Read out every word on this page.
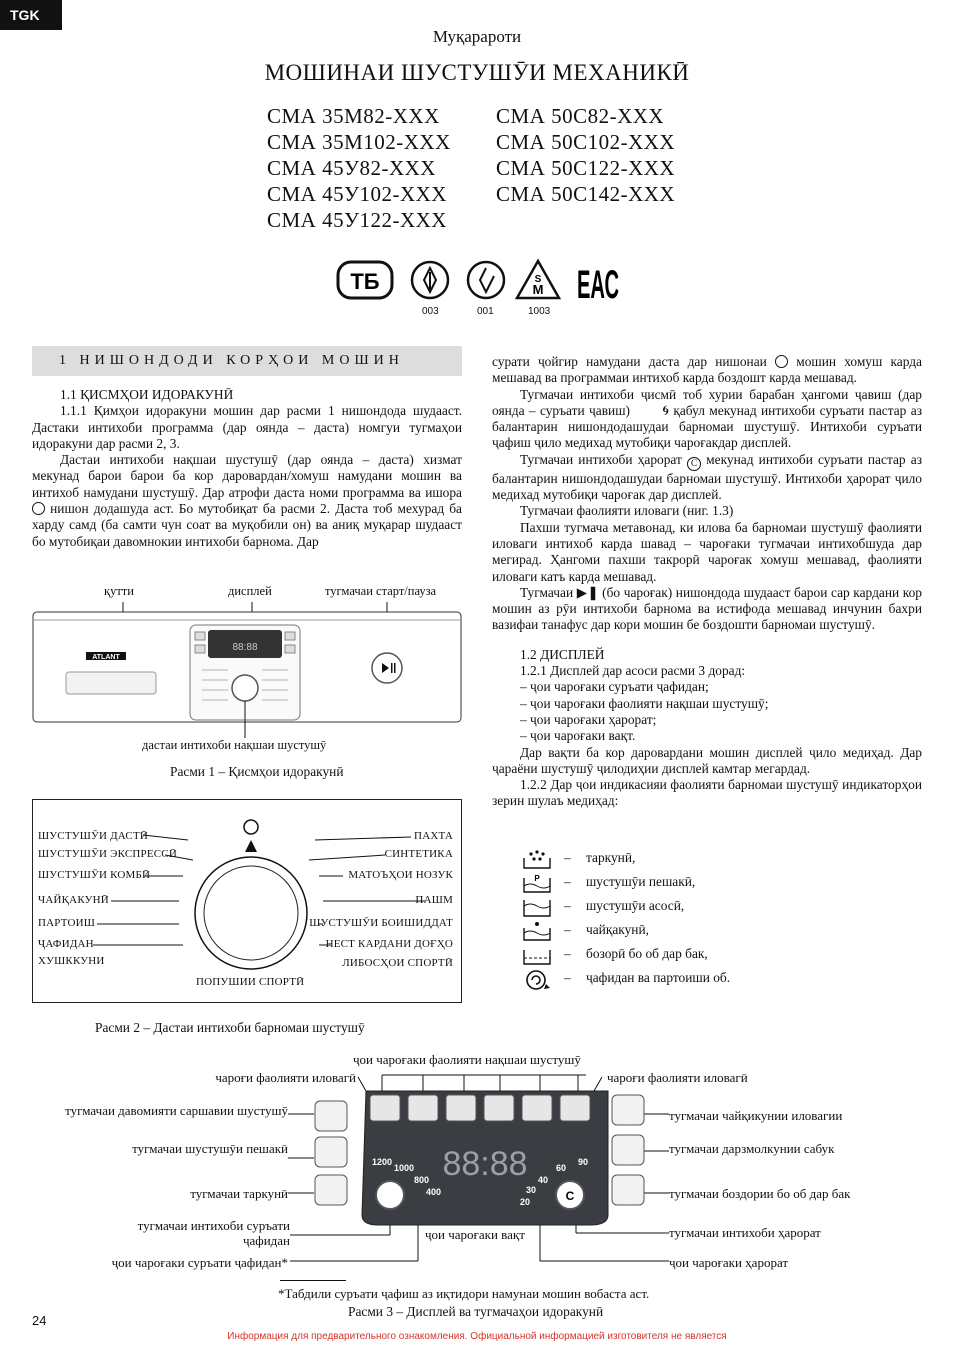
TGK
Муқарароти
МОШИНАИ ШУСТУШӮИ МЕХАНИКӢ
СМА 35М82-ХХХ
СМА 35М102-ХХХ
СМА 45У82-ХХХ
СМА 45У102-ХХХ
СМА 45У122-ХХХ
СМА 50С82-ХХХ
СМА 50С102-ХХХ
СМА 50С122-ХХХ
СМА 50С142-ХХХ
ТБ	M
S ЕАС
003	001	1003
1 НИШОНДОДИ КОРҲОИ МОШИН

1.1 ҚИСМҲОИ ИДОРАКУНӢ

1.1.1 Қимҳои идоракуни мошин дар расми 1 нишондода шудааст. Дастаки интихоби программа (дар оянда – даста) номгуи тугмаҳои идоракуни дар расми 2, 3.

Дастаи интихоби нақшаи шустушӯ (дар оянда – даста) хизмат мекунад барои барои ба кор даровардан/хомуш намудани мошин ва интихоб намудани шустушӯ. Дар атрофи даста номи программа ва ишора  нишон додашуда аст. Бо мутобиқат ба расми 2. Даста тоб мехурад ба харду самд (ба самти чун соат ва муқобили он) ва аниқ муқарар шудааст бо мутобиқаи давомнокии интихоби барнома. Дар

қутти	дисплей	тугмачаи старт/пауза
ATLANT
88:88
дастаи интихоби нақшаи шустушӯ
Расми 1 – Қисмҳои идоракунӣ
ШУСТУШӮИ ДАСТӢ
ШУСТУШӮИ ЭКСПРЕССӢ
ШУСТУШӮИ КОМБӢ
ЧАЙҚАКУНӢ
ПАРТОИШ
ҶАФИДАН
ХУШККУНИ
ПАХТА
СИНТЕТИКА
МАТОЪҲОИ НОЗУК
ПАШМ
ШУСТУШӮИ БОИШИДДАТ
НЕСТ КАРДАНИ ДОҒҲО
ЛИБОСҲОИ СПОРТӢ
ПОПУШИИ СПОРТӢ
Расми 2 – Дастаи интихоби барномаи шустушӯ

сурати ҷойгир намудани даста дар нишонаи мошин хомуш карда мешавад ва программаи интихоб карда боздошт карда мешавад.

Тугмачаи интихоби ҷисмӣ тоб хурии барабан ҳангоми ҷавиш (дар оянда – суръати ҷавиш) 🌀︎ қабул мекунад интихоби суръати пастар аз балантарин нишондодашудаи барномаи шустушӯ. Интихоби суръати ҷафиш ҷило медихад мутобиқи чароғакдар дисплей.

Тугмачаи интихоби ҳарорат C мекунад интихоби суръати пастар аз балантарин нишондодашудаи барномаи шустушӯ. Интихоби ҳарорат ҷило медихад мутобиқи чароғак дар дисплей.

Тугмачаи фаолияти иловаги (ниг. 1.3)

Пахши тугмача метавонад, ки илова ба барномаи шустушӯ фаолияти иловаги интихоб карда шавад – чароғаки тугмачаи интихобшуда дар мегирад. Ҳангоми пахши такрорӣ чароғак хомуш мешавад, фаолияти иловаги катъ карда мешавад.

Тугмачаи ▶❚ (бо чароғак) нишондода шудааст барои сар кардани кор мошин аз рӯи интихоби барнома ва истифода мешавад инчунин бахри вазифаи танафус дар кори мошин бе боздошти барномаи шустушӯ.

1.2 ДИСПЛЕЙ

1.2.1 Дисплей дар асоси расми 3 дорад:

– ҷои чароғаки суръати ҷафидан;

– ҷои чароғаки фаолияти нақшаи шустушӯ;

– ҷои чароғаки ҳарорат;

– ҷои чароғаки вақт.

Дар вақти ба кор даровардани мошин дисплей ҷило медиҳад. Дар ҷараёни шустушӯ ҷилодиҳии дисплей камтар мегардад.

1.2.2 Дар ҷои индикасияи фаолияти барномаи шустушӯ индикаторҳои зерин шулаъ медиҳад:

P
– таркунӣ,
– шустушӯи пешакӣ,
– шустушӯи асосӣ,
– чайқакунӣ,
– бозорӣ бо об дар бак,
– ҷафидан ва партоиши об.
ҷои чароғаки фаолияти нақшаи шустушӯ
чароғи фаолияти иловагӣ
тугмачаи давомияти саршавии шустушӯ
тугмачаи шустушӯи пешакӣ
тугмачаи таркунӣ
тугмачаи интихоби суръати ҷафидан
ҷои чароғаки суръати ҷафидан*
чароғи фаолияти иловагӣ
тугмачаи чайқикунии иловагии
тугмачаи дарзмолкунии сабук
тугмачаи боздории бо об дар бак
тугмачаи интихоби ҳарорат
ҷои чароғаки ҳарорат
ҷои чароғаки вақт
88:88
1200
1000
800
400
90
60
40
30
20	C
*Табдили суръати ҷафиш аз иқтидори намунаи мошин вобаста аст.
Расми 3 – Дисплей ва тугмачаҳои идоракунӣ
24
Информация для предварительного ознакомления. Официальной информацией изготовителя не является
